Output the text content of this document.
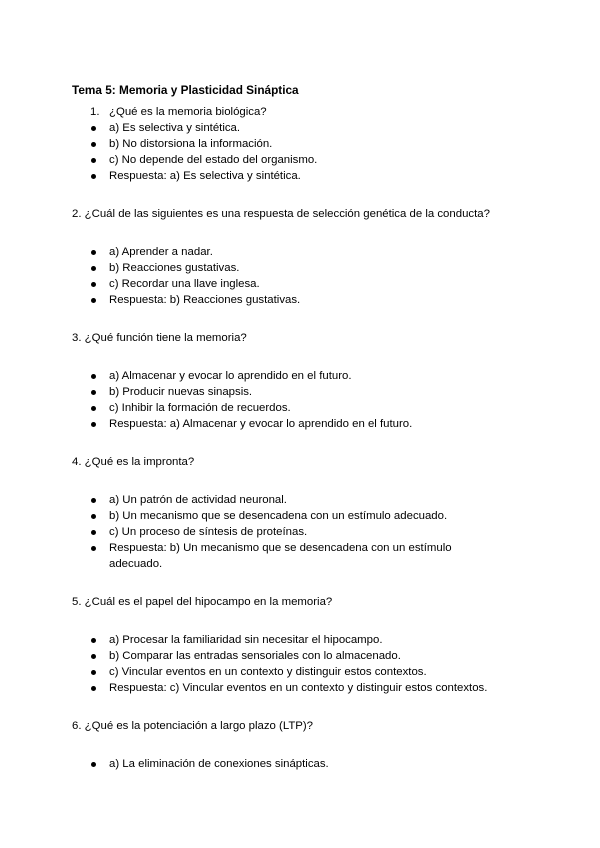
Tema 5: Memoria y Plasticidad Sináptica
1. ¿Qué es la memoria biológica?
a) Es selectiva y sintética.
b) No distorsiona la información.
c) No depende del estado del organismo.
Respuesta: a) Es selectiva y sintética.

2. ¿Cuál de las siguientes es una respuesta de selección genética de la conducta?

a) Aprender a nadar.
b) Reacciones gustativas.
c) Recordar una llave inglesa.
Respuesta: b) Reacciones gustativas.

3. ¿Qué función tiene la memoria?

a) Almacenar y evocar lo aprendido en el futuro.
b) Producir nuevas sinapsis.
c) Inhibir la formación de recuerdos.
Respuesta: a) Almacenar y evocar lo aprendido en el futuro.

4. ¿Qué es la impronta?

a) Un patrón de actividad neuronal.
b) Un mecanismo que se desencadena con un estímulo adecuado.
c) Un proceso de síntesis de proteínas.
Respuesta: b) Un mecanismo que se desencadena con un estímulo adecuado.

5. ¿Cuál es el papel del hipocampo en la memoria?

a) Procesar la familiaridad sin necesitar el hipocampo.
b) Comparar las entradas sensoriales con lo almacenado.
c) Vincular eventos en un contexto y distinguir estos contextos.
Respuesta: c) Vincular eventos en un contexto y distinguir estos contextos.

6. ¿Qué es la potenciación a largo plazo (LTP)?

a) La eliminación de conexiones sinápticas.
